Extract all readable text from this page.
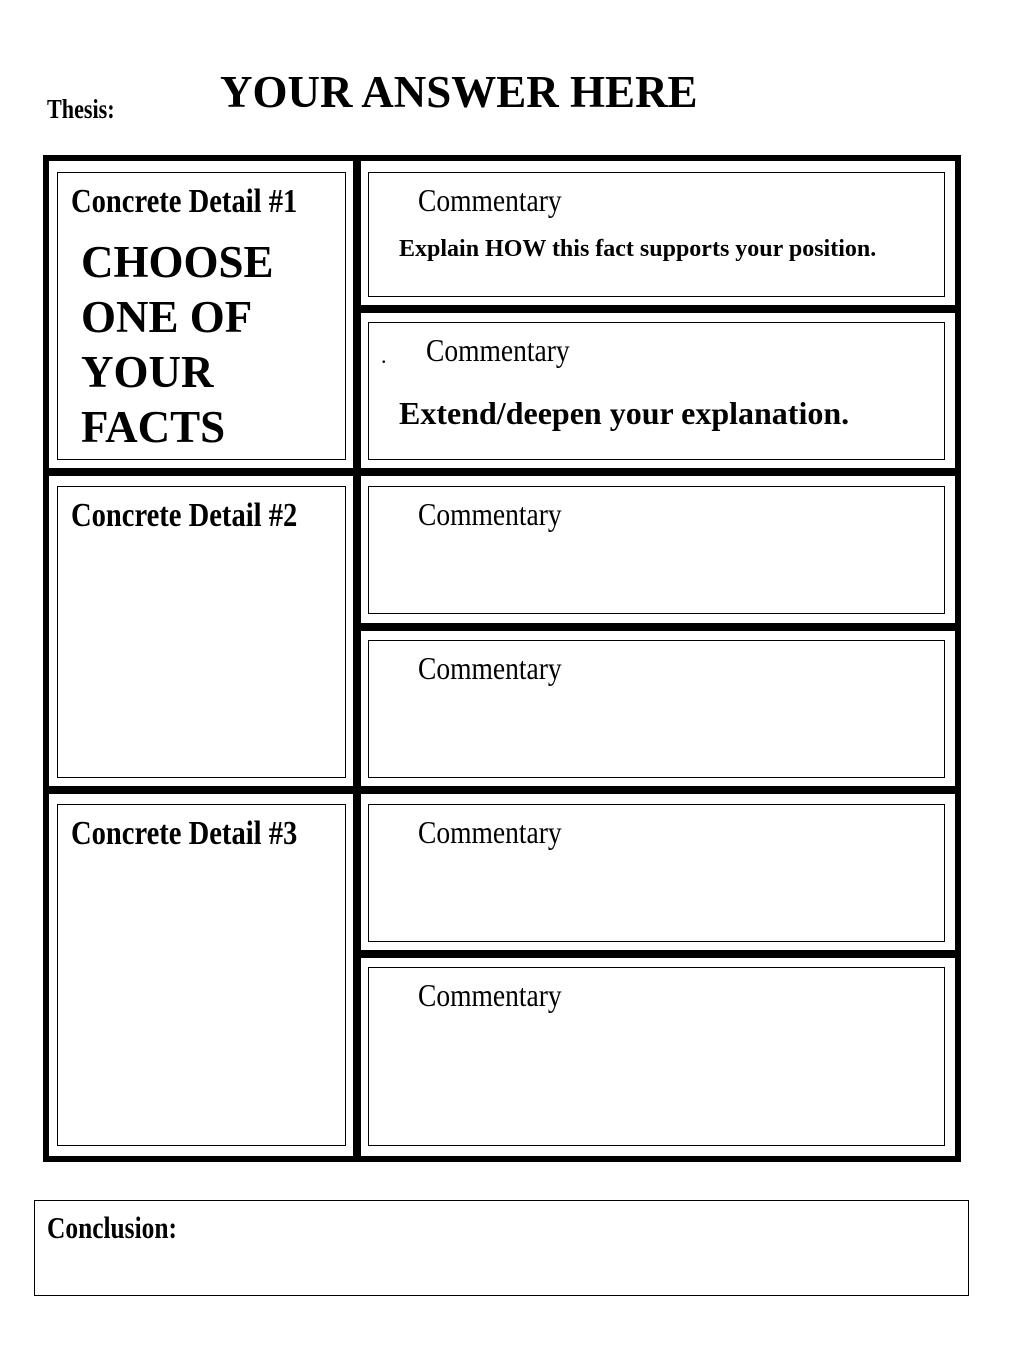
Thesis: YOUR ANSWER HERE
Concrete Detail #1
CHOOSE ONE OF YOUR FACTS
Commentary
Explain HOW this fact supports your position.
. Commentary
Extend/deepen your explanation.
Concrete Detail #2	Commentary
Commentary
Concrete Detail #3	Commentary
Commentary
Conclusion:
